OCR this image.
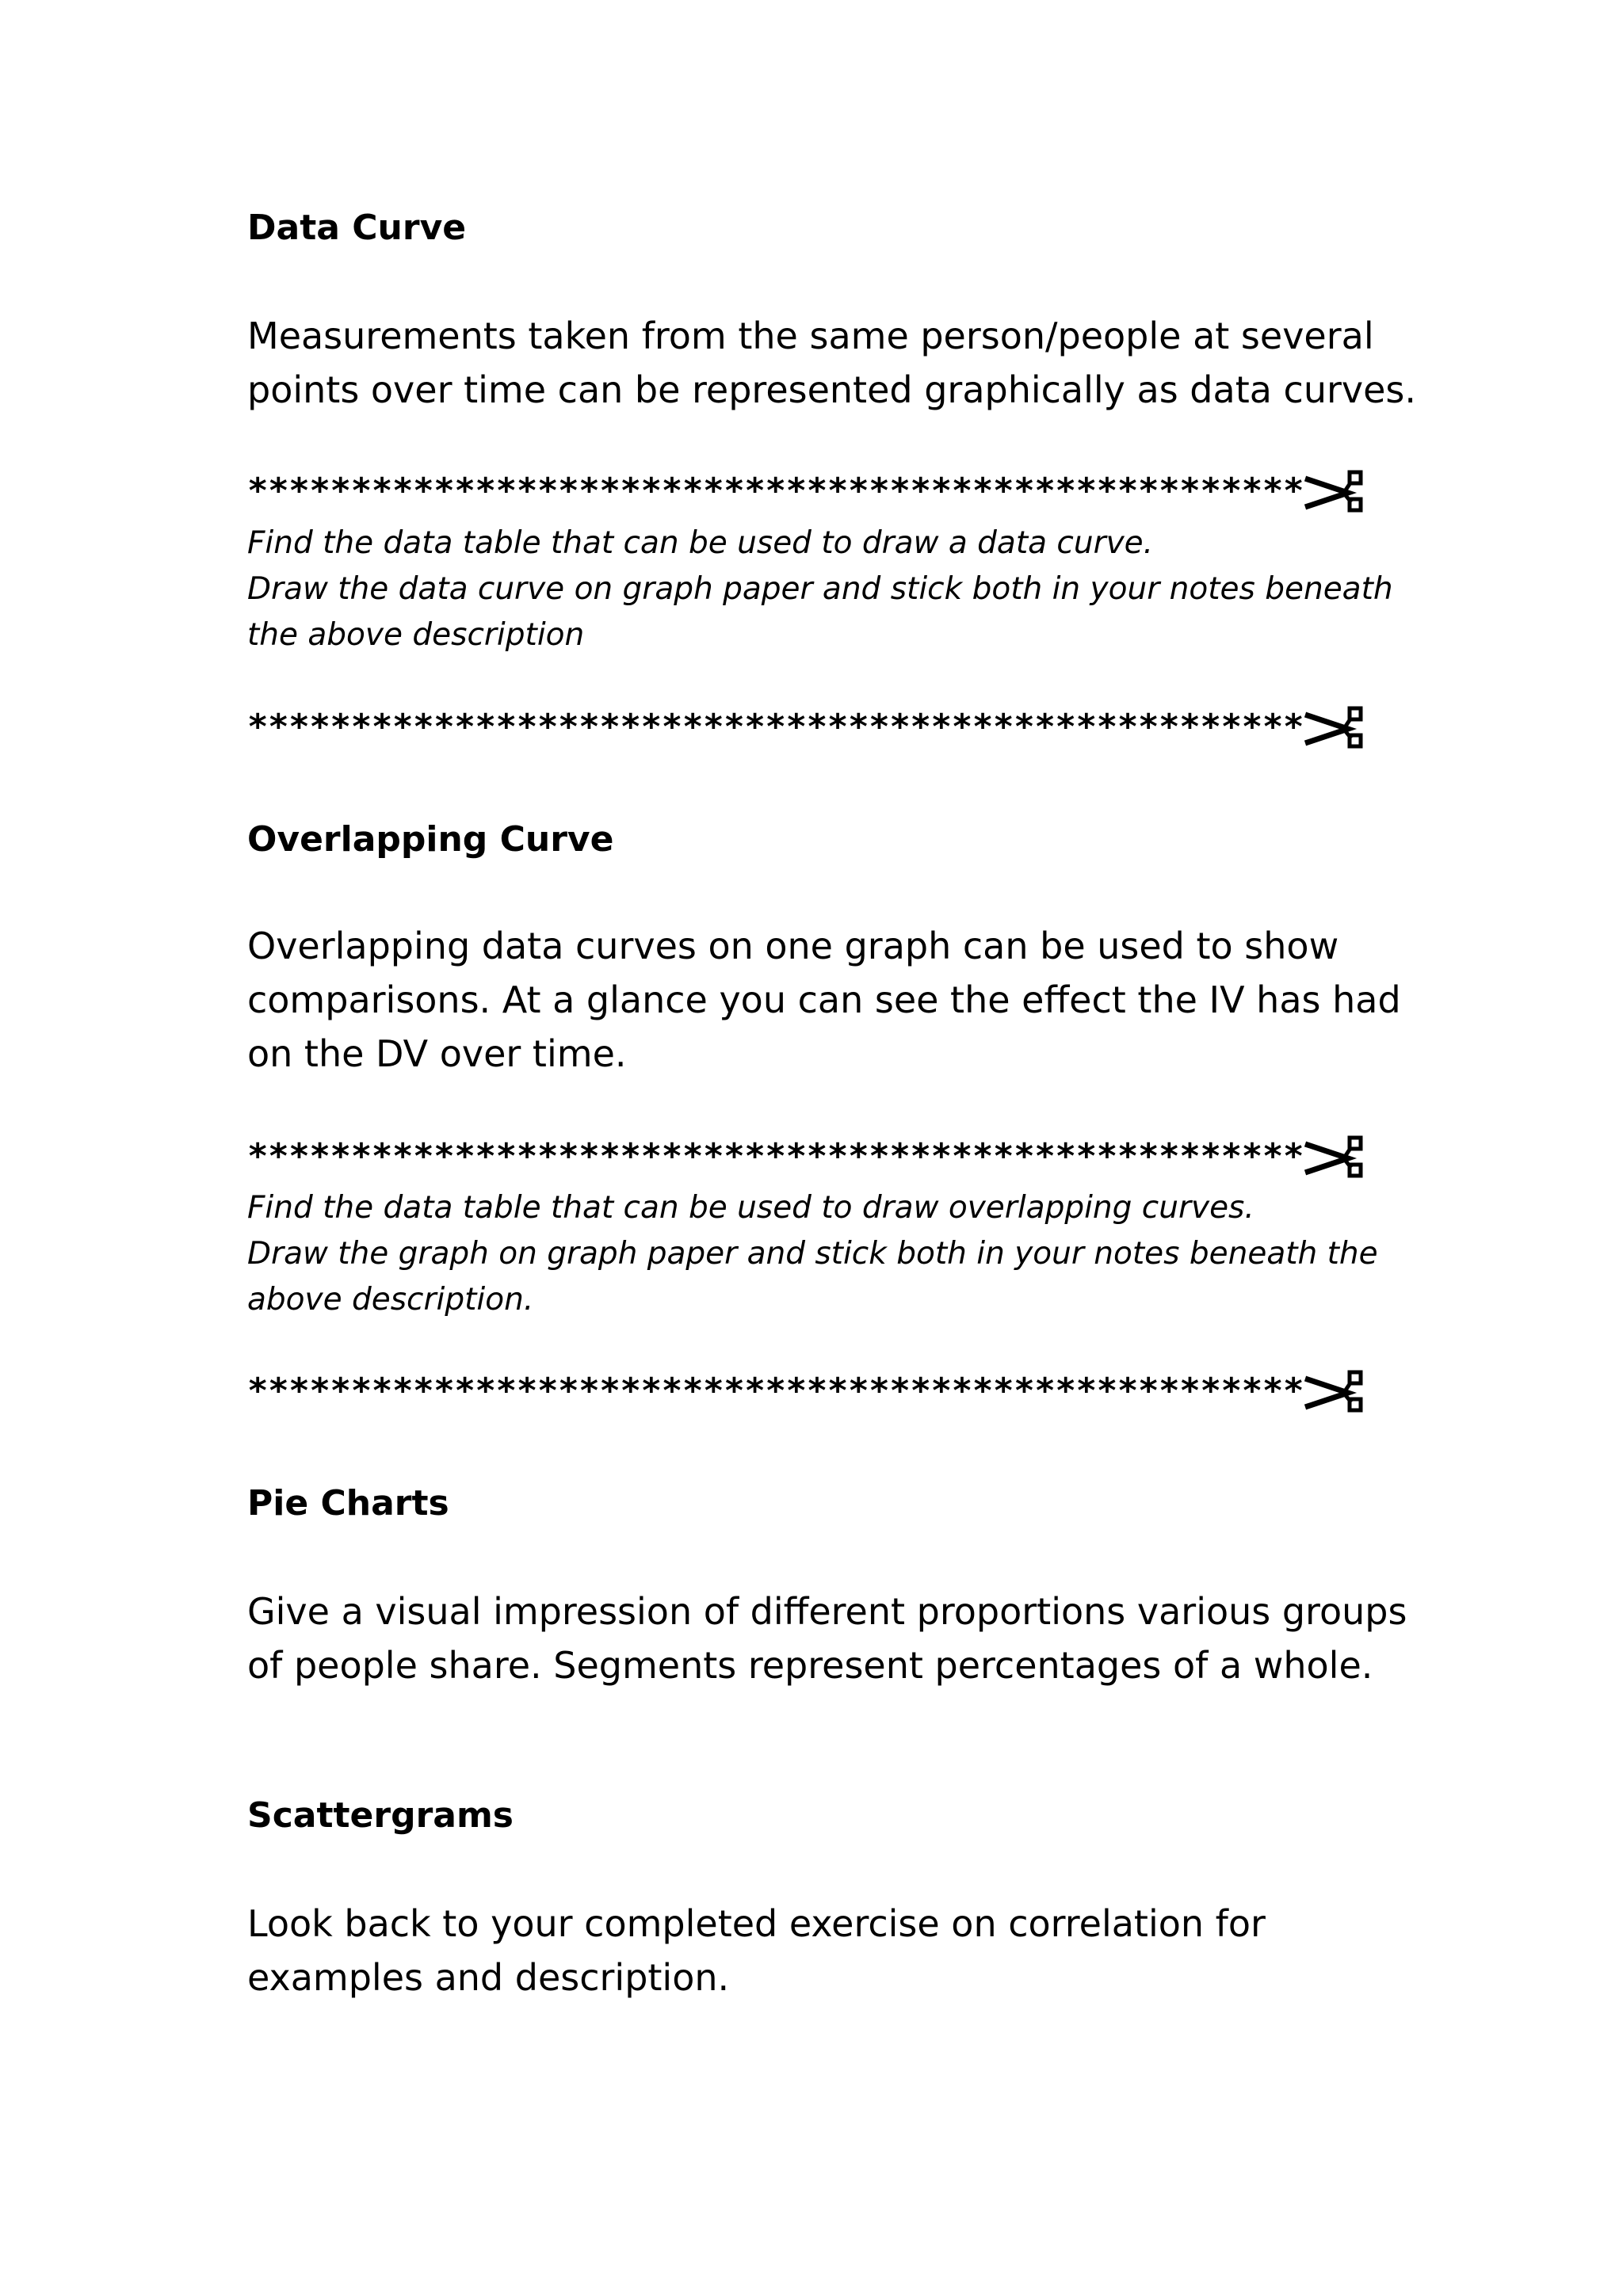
Data Curve
Measurements taken from the same person/people at several
points over time can be represented graphically as data curves.
***************************************************
Find the data table that can be used to draw a data curve.
Draw the data curve on graph paper and stick both in your notes beneath
the above description
***************************************************
Overlapping Curve
Overlapping data curves on one graph can be used to show
comparisons. At a glance you can see the effect the IV has had
on the DV over time.
***************************************************
Find the data table that can be used to draw overlapping curves.
Draw the graph on graph paper and stick both in your notes beneath the
above description.
***************************************************
Pie Charts
Give a visual impression of different proportions various groups
of people share. Segments represent percentages of a whole.
Scattergrams
Look back to your completed exercise on correlation for
examples and description.
